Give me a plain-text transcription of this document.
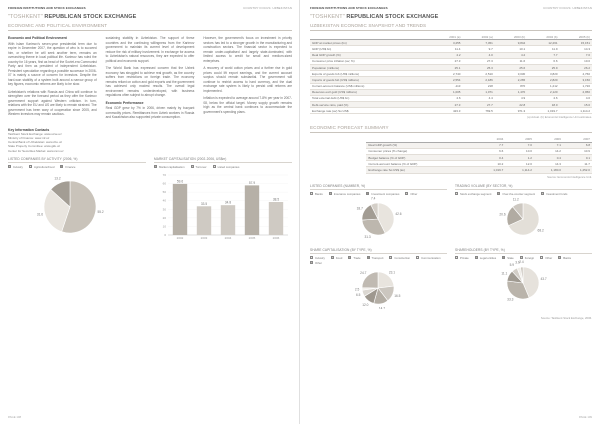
FOREIGN INSTITUTIONS AND STOCK EXCHANGES	COUNTRY FOCUS: UZBEKISTAN
"TOSHKENT" REPUBLICAN STOCK EXCHANGE
ECONOMIC AND POLITICAL ENVIRONMENT
Economic and Political Environment

With Islam Karimov's seven-year presidential term due to expire in December 2007, the question of who is to succeed him, or whether he will seek another term, remains an overarching theme in local political life. Karimov has ruled the country for 16 years, first as head of the Soviet-era Communist Party and then as president of independent Uzbekistan. Persistent speculation regarding a possible successor in 2006-07 is mainly a source of concern for investors. Despite the hard-won stability of a system built around a narrow group of key figures, economic reforms are likely to be slow.

Uzbekistan's relations with Russia and China will continue to strengthen over the forecast period as they offer the Karimov government support against Western criticism. In turn, relations with the EU and US are likely to remain strained. The government has been wary of cooperation since 2005, and Western investors may remain cautious.

sustaining stability in Uzbekistan. The support of these countries and the continuing willingness from the Karimov government to maintain its current level of development reduce the risk of military involvement. In exchange for access to Uzbekistan's natural resources, they are expected to offer political and economic support.

The World Bank has expressed concern that the Uzbek economy has struggled to achieve real growth, as the country suffers from restrictions on foreign trade. The economy remains reliant on cotton and gold exports and the government has achieved only modest results. The overall legal environment remains underdeveloped, with business regulations often subject to abrupt change.

Economic Performance

Real GDP grew by 7% in 2006, driven mainly by buoyant commodity prices. Remittances from Uzbek workers in Russia and Kazakhstan also supported private consumption.

However, the government's focus on investment in priority sectors has led to a stronger growth in the manufacturing and construction sectors. The financial sector is expected to remain under-capitalised and largely state-dominated, with limited access to credit for small and medium-sized enterprises.

A recovery of world cotton prices and a further rise in gold prices could lift export earnings, and the current account surplus should remain substantial. The government will continue to restrict access to hard currency, and the dual exchange rate system is likely to persist until reforms are implemented.

Inflation is expected to average around 7-8% per year in 2007-08, below the official target. Money supply growth remains high as the central bank continues to accommodate the government's spending plans.

Key Information Contacts
Tashkent Stock Exchange: www.uzse.uz
Ministry of Finance: www.mf.uz
Central Bank of Uzbekistan: www.cbu.uz
State Property Committee: www.gkk.uz
Center for Securities Market: www.csm.uz
LISTED COMPANIES BY ACTIVITY (2006, %)
Industry	Agriculture/Food	Finance
55.2
31.6
13.2
MARKET CAPITALISATION (2002-2006, US$m)
Market capitalisation	Turnover	Listed companies
0
10
20
30
40
50
60
70
59.6
2002
33.5
2003
34.8
2004
57.9
2005
38.5
2006
PAGE 108
FOREIGN INSTITUTIONS AND STOCK EXCHANGES	COUNTRY FOCUS: UZBEKISTAN
"TOSHKENT" REPUBLICAN STOCK EXCHANGE
UZBEKISTAN ECONOMIC SNAPSHOT AND TRENDS
	2001 (a)	2002 (a)	2003 (b)	2004 (b)	2005 (b)
GDP at market prices (bn)	3,255	7,451	9,844	12,261	15,151
GDP (US$ bn)	11.4	9.7	10.1	11.9	14.3
Real GDP growth (%)	4.2	4.0	4.2	7.7	7.0
Consumer price inflation (av; %)	27.3	27.3	11.6	6.6	10.0
Population (millions)	25.1	25.3	25.6	25.9	26.2
Exports of goods fob (US$ millions)	2,740	2,510	3,030	3,820	4,760
Imports of goods fob (US$ millions)	2,554	2,186	2,265	2,820	3,150
Current-account balance (US$ millions)	-113	218	870	1,212	1,720
Reserves excl gold (US$ millions)	1,005	1,071	1,470	2,120	2,950
Total external debt (US$ bn)	4.6	4.4	4.9	4.6	4.0
Debt-service ratio, paid (%)	27.3	27.7	22.8	18.0	15.0
Exchange rate (av) So:US$	423.3	769.5	971.3	1,019.7	1,114.2
(a) Actual. (b) Economist Intelligence Unit estimates.
ECONOMIC FORECAST SUMMARY
	2004	2005	2006	2007
Real GDP growth (%)	7.7	7.0	7.1	6.8
Consumer prices (% change)	6.6	10.0	14.2	10.9
Budget balance (% of GDP)	0.4	1.2	0.4	0.1
Current-account balance (% of GDP)	10.2	12.0	14.3	11.7
Exchange rate So:US$ (av)	1,019.7	1,114.2	1,180.0	1,252.0
Source: Economist Intelligence Unit.
LISTED COMPANIES (NUMBER, %)
Banks	Insurance companies	Investment companies	Other
42.6
31.3
18.7
7.4
TRADING VOLUME (BY SECTOR, %)
Stock exchange segment	Over-the-counter segment	Investment funds
68.2
20.6
11.2
SHARE CAPITALISATION (BY TYPE, %)
Industry	Food	Trade	Transport	Construction	Communication
Other
23.1
16.5
14.7
12.0
6.5
2.5
24.7
SHAREHOLDERS (BY TYPE, %)
Private	Legal entities	State	Foreign	Other	Banks
43.7
33.3
11.1
5.9
3.6 2.4
Source: Tashkent Stock Exchange, 2006.
PAGE 109
